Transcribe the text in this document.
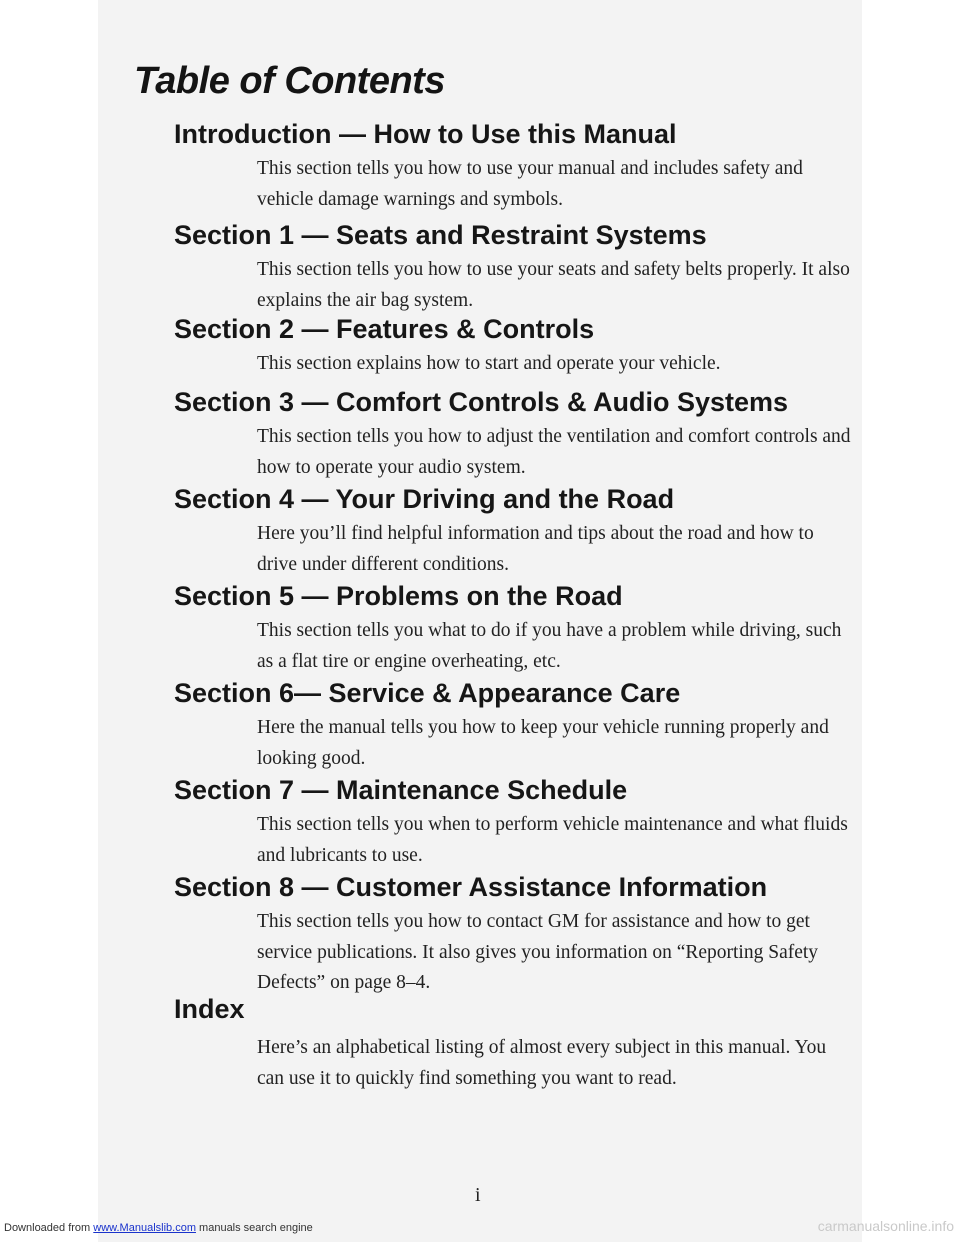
Table of Contents
Introduction — How to Use this Manual

This section tells you how to use your manual and includes safety and vehicle damage warnings and symbols.

Section 1 — Seats and Restraint Systems

This section tells you how to use your seats and safety belts properly. It also explains the air bag system.

Section 2 — Features & Controls

This section explains how to start and operate your vehicle.

Section 3 — Comfort Controls & Audio Systems

This section tells you how to adjust the ventilation and comfort controls and how to operate your audio system.

Section 4 — Your Driving and the Road

Here you’ll find helpful information and tips about the road and how to drive under different conditions.

Section 5 — Problems on the Road

This section tells you what to do if you have a problem while driving, such as a flat tire or engine overheating, etc.

Section 6— Service & Appearance Care

Here the manual tells you how to keep your vehicle running properly and looking good.

Section 7 — Maintenance Schedule

This section tells you when to perform vehicle maintenance and what fluids and lubricants to use.

Section 8 — Customer Assistance Information

This section tells you how to contact GM for assistance and how to get service publications. It also gives you information on “Reporting Safety Defects” on page 8–4.

Index

Here’s an alphabetical listing of almost every subject in this manual. You can use it to quickly find something you want to read.

i
Downloaded from www.Manualslib.com manuals search engine	carmanualsonline.info
